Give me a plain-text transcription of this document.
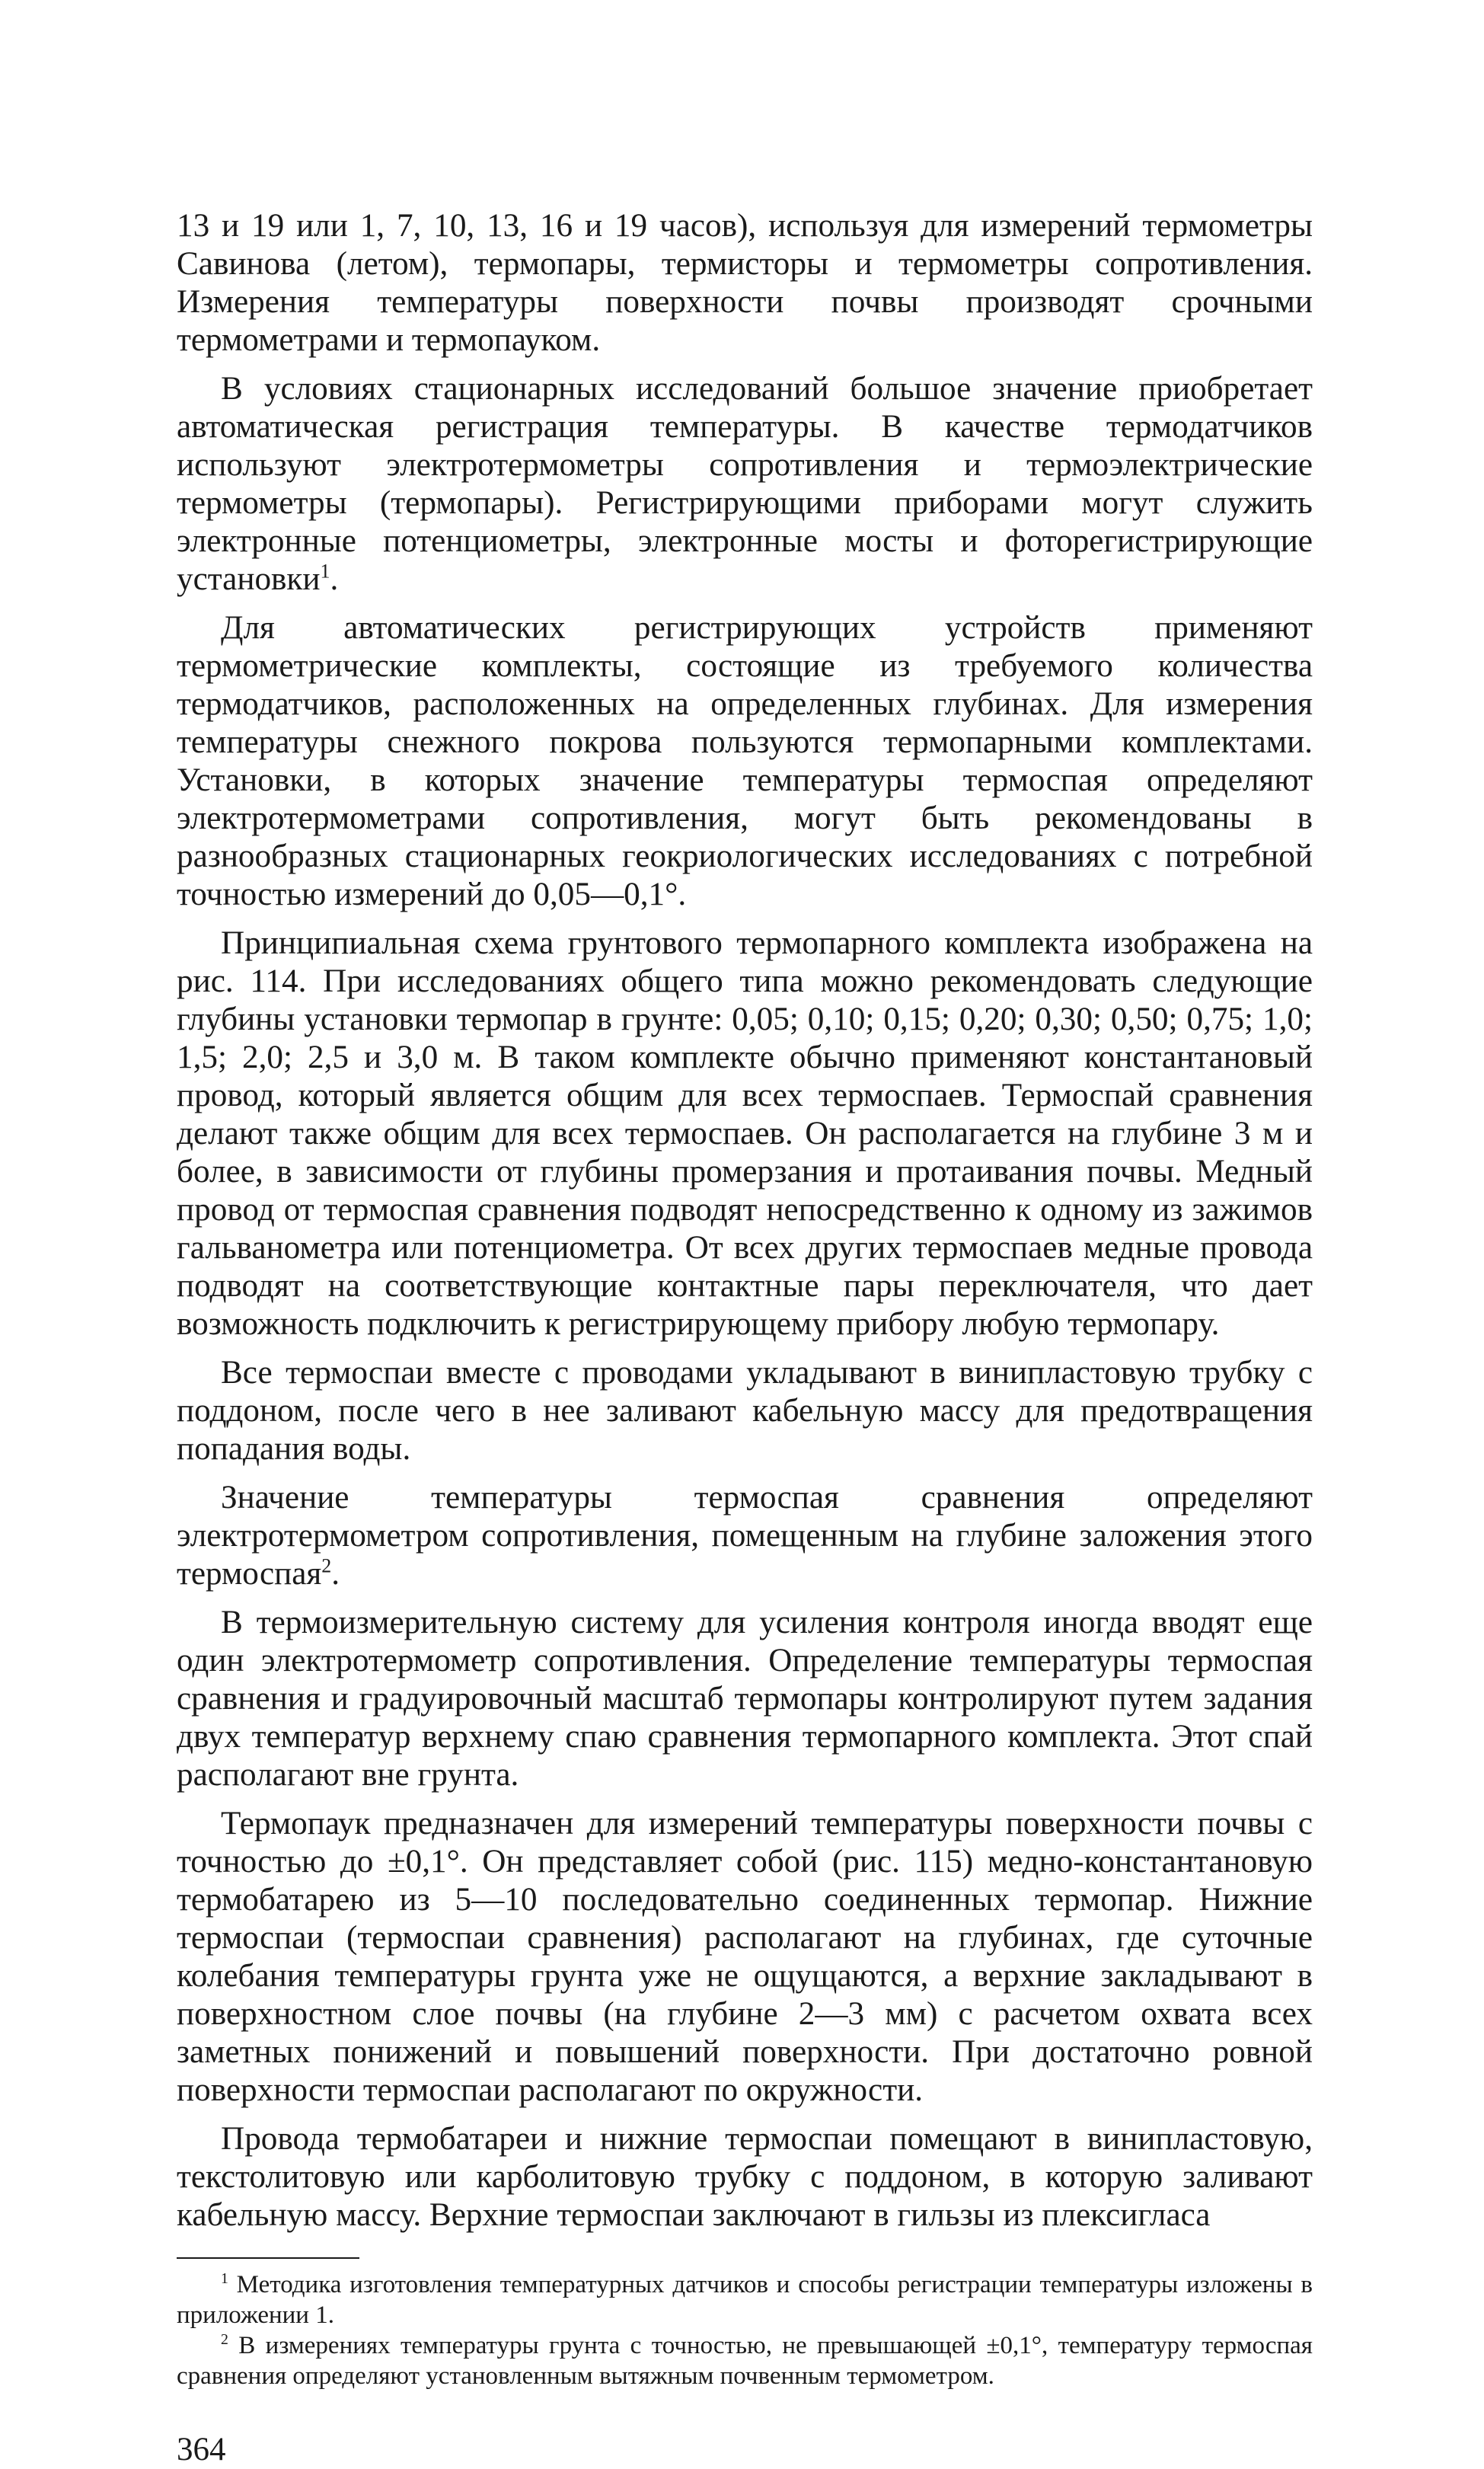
13 и 19 или 1, 7, 10, 13, 16 и 19 часов), используя для измерений термометры Савинова (летом), термопары, термисторы и термометры сопротивления. Измерения температуры поверхности почвы производят срочными термометрами и термопауком.

В условиях стационарных исследований большое значение приобретает автоматическая регистрация температуры. В качестве термодатчиков используют электротермометры сопротивления и термоэлектрические термометры (термопары). Регистрирующими приборами могут служить электронные потенциометры, электронные мосты и фоторегистрирующие установки$^1$.

Для автоматических регистрирующих устройств применяют термометрические комплекты, состоящие из требуемого количества термодатчиков, расположенных на определенных глубинах. Для измерения температуры снежного покрова пользуются термопарными комплектами. Установки, в которых значение температуры термоспая определяют электротермометрами сопротивления, могут быть рекомендованы в разнообразных стационарных геокриологических исследованиях с потребной точностью измерений до 0,05—0,1°.

Принципиальная схема грунтового термопарного комплекта изображена на рис. 114. При исследованиях общего типа можно рекомендовать следующие глубины установки термопар в грунте: 0,05; 0,10; 0,15; 0,20; 0,30; 0,50; 0,75; 1,0; 1,5; 2,0; 2,5 и 3,0 м. В таком комплекте обычно применяют константановый провод, который является общим для всех термоспаев. Термоспай сравнения делают также общим для всех термоспаев. Он располагается на глубине 3 м и более, в зависимости от глубины промерзания и протаивания почвы. Медный провод от термоспая сравнения подводят непосредственно к одному из зажимов гальванометра или потенциометра. От всех других термоспаев медные провода подводят на соответствующие контактные пары переключателя, что дает возможность подключить к регистрирующему прибору любую термопару.

Все термоспаи вместе с проводами укладывают в винипластовую трубку с поддоном, после чего в нее заливают кабельную массу для предотвращения попадания воды.

Значение температуры термоспая сравнения определяют электротермометром сопротивления, помещенным на глубине заложения этого термоспая$^2$.

В термоизмерительную систему для усиления контроля иногда вводят еще один электротермометр сопротивления. Определение температуры термоспая сравнения и градуировочный масштаб термопары контролируют путем задания двух температур верхнему спаю сравнения термопарного комплекта. Этот спай располагают вне грунта.

Термопаук предназначен для измерений температуры поверхности почвы с точностью до ±0,1°. Он представляет собой (рис. 115) медно-константановую термобатарею из 5—10 последовательно соединенных термопар. Нижние термоспаи (термоспаи сравнения) располагают на глубинах, где суточные колебания температуры грунта уже не ощущаются, а верхние закладывают в поверхностном слое почвы (на глубине 2—3 мм) с расчетом охвата всех заметных понижений и повышений поверхности. При достаточно ровной поверхности термоспаи располагают по окружности.

Провода термобатареи и нижние термоспаи помещают в винипластовую, текстолитовую или карболитовую трубку с поддоном, в которую заливают кабельную массу. Верхние термоспаи заключают в гильзы из плексигласа

$^1$ Методика изготовления температурных датчиков и способы регистрации температуры изложены в приложении 1.

$^2$ В измерениях температуры грунта с точностью, не превышающей ±0,1°, температуру термоспая сравнения определяют установленным вытяжным почвенным термометром.

364
